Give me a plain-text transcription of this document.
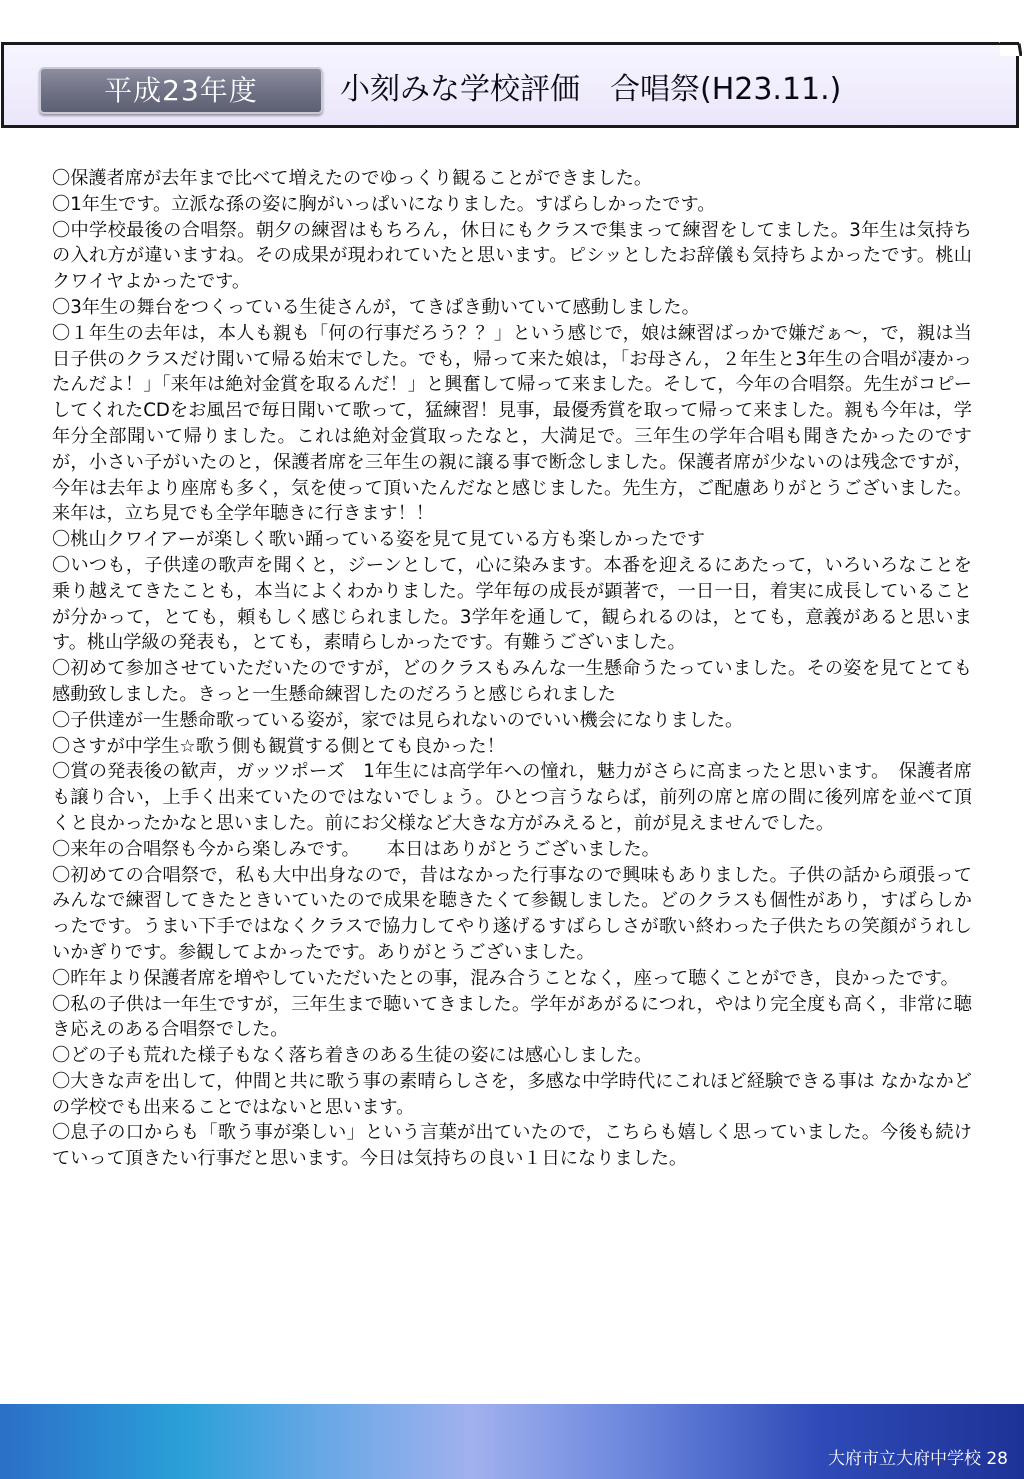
平成23年度	小刻みな学校評価　合唱祭(H23.11.)

〇保護者席が去年まで比べて増えたのでゆっくり観ることができました。

〇1年生です。立派な孫の姿に胸がいっぱいになりました。すばらしかったです。

〇中学校最後の合唱祭。朝夕の練習はもちろん，休日にもクラスで集まって練習をしてました。3年生は気持ちの入れ方が違いますね。その成果が現われていたと思います。ピシッとしたお辞儀も気持ちよかったです。桃山クワイヤよかったです。

〇3年生の舞台をつくっている生徒さんが，てきぱき動いていて感動しました。

〇１年生の去年は，本人も親も「何の行事だろう？？」という感じで，娘は練習ばっかで嫌だぁ～，で，親は当日子供のクラスだけ聞いて帰る始末でした。でも，帰って来た娘は，「お母さん，２年生と3年生の合唱が凄かったんだよ！」「来年は絶対金賞を取るんだ！」と興奮して帰って来ました。そして，今年の合唱祭。先生がコピーしてくれたCDをお風呂で毎日聞いて歌って，猛練習！見事，最優秀賞を取って帰って来ました。親も今年は，学年分全部聞いて帰りました。これは絶対金賞取ったなと，大満足で。三年生の学年合唱も聞きたかったのですが，小さい子がいたのと，保護者席を三年生の親に譲る事で断念しました。保護者席が少ないのは残念ですが，今年は去年より座席も多く，気を使って頂いたんだなと感じました。先生方，ご配慮ありがとうございました。来年は，立ち見でも全学年聴きに行きます！！

〇桃山クワイアーが楽しく歌い踊っている姿を見て見ている方も楽しかったです

〇いつも，子供達の歌声を聞くと，ジーンとして，心に染みます。本番を迎えるにあたって，いろいろなことを乗り越えてきたことも，本当によくわかりました。学年毎の成長が顕著で，一日一日，着実に成長していることが分かって，とても，頼もしく感じられました。3学年を通して，観られるのは，とても，意義があると思います。桃山学級の発表も，とても，素晴らしかったです。有難うございました。

〇初めて参加させていただいたのですが，どのクラスもみんな一生懸命うたっていました。その姿を見てとても感動致しました。きっと一生懸命練習したのだろうと感じられました

〇子供達が一生懸命歌っている姿が，家では見られないのでいい機会になりました。

〇さすが中学生☆歌う側も観賞する側とても良かった！

〇賞の発表後の歓声，ガッツポーズ　1年生には高学年への憧れ，魅力がさらに高まったと思います。　保護者席も譲り合い，上手く出来ていたのではないでしょう。ひとつ言うならば，前列の席と席の間に後列席を並べて頂くと良かったかなと思いました。前にお父様など大きな方がみえると，前が見えませんでした。

〇来年の合唱祭も今から楽しみです。　　本日はありがとうございました。

〇初めての合唱祭で，私も大中出身なので，昔はなかった行事なので興味もありました。子供の話から頑張ってみんなで練習してきたときいていたので成果を聴きたくて参観しました。どのクラスも個性があり，すばらしかったです。うまい下手ではなくクラスで協力してやり遂げるすばらしさが歌い終わった子供たちの笑顔がうれしいかぎりです。参観してよかったです。ありがとうございました。

〇昨年より保護者席を増やしていただいたとの事，混み合うことなく，座って聴くことができ，良かったです。

〇私の子供は一年生ですが，三年生まで聴いてきました。学年があがるにつれ，やはり完全度も高く，非常に聴き応えのある合唱祭でした。

〇どの子も荒れた様子もなく落ち着きのある生徒の姿には感心しました。

〇大きな声を出して，仲間と共に歌う事の素晴らしさを，多感な中学時代にこれほど経験できる事は なかなかどの学校でも出来ることではないと思います。

〇息子の口からも「歌う事が楽しい」という言葉が出ていたので，こちらも嬉しく思っていました。今後も続けていって頂きたい行事だと思います。今日は気持ちの良い１日になりました。

大府市立大府中学校 28
